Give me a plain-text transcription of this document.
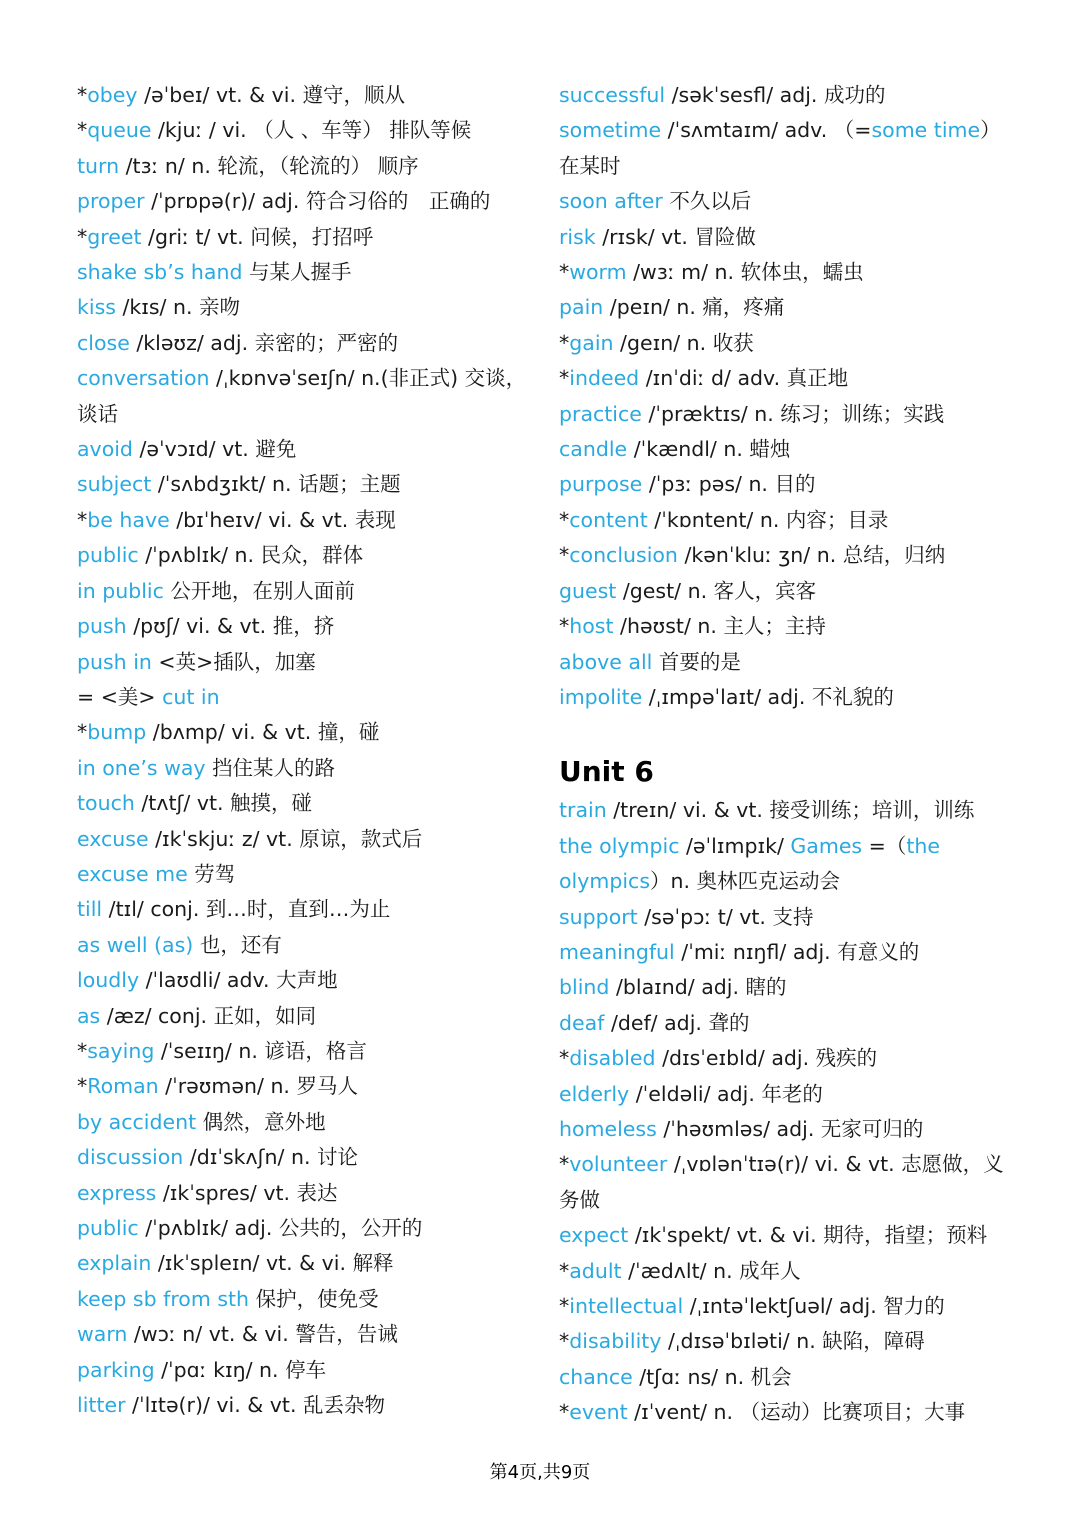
*obey /əˈbeɪ/ vt. & vi. 遵守，顺从

*queue /kjuː / vi. （人 、车等） 排队等候

turn /tɜː n/ n. 轮流，（轮流的） 顺序

proper /ˈprɒpə(r)/ adj. 符合习俗的　正确的

*greet /griː t/ vt. 问候，打招呼

shake sb’s hand 与某人握手

kiss /kɪs/ n. 亲吻

close /kləʊz/ adj. 亲密的；严密的

conversation /ˌkɒnvəˈseɪʃn/ n.(非正式) 交谈，谈话

avoid /əˈvɔɪd/ vt. 避免

subject /ˈsʌbdʒɪkt/ n. 话题；主题

*be have /bɪˈheɪv/ vi. & vt. 表现

public /ˈpʌblɪk/ n. 民众，群体

in public 公开地，在别人面前

push /pʊʃ/ vi. & vt. 推，挤

push in <英>插队，加塞

= <美> cut in

*bump /bʌmp/ vi. & vt. 撞，碰

in one’s way 挡住某人的路

touch /tʌtʃ/ vt. 触摸，碰

excuse /ɪkˈskjuː z/ vt. 原谅，款式后

excuse me 劳驾

till /tɪl/ conj. 到…时，直到…为止

as well (as) 也，还有

loudly /ˈlaʊdli/ adv. 大声地

as /æz/ conj. 正如，如同

*saying /ˈseɪɪŋ/ n. 谚语，格言

*Roman /ˈrəʊmən/ n. 罗马人

by accident 偶然，意外地

discussion /dɪˈskʌʃn/ n. 讨论

express /ɪkˈspres/ vt. 表达

public /ˈpʌblɪk/ adj. 公共的，公开的

explain /ɪkˈspleɪn/ vt. & vi. 解释

keep sb from sth 保护，使免受

warn /wɔː n/ vt. & vi. 警告，告诫

parking /ˈpɑː kɪŋ/ n. 停车

litter /ˈlɪtə(r)/ vi. & vt. 乱丢杂物

successful /səkˈsesfl/ adj. 成功的

sometime /ˈsʌmtaɪm/ adv. （=some time）在某时

soon after 不久以后

risk /rɪsk/ vt. 冒险做

*worm /wɜː m/ n. 软体虫，蠕虫

pain /peɪn/ n. 痛，疼痛

*gain /geɪn/ n. 收获

*indeed /ɪnˈdiː d/ adv. 真正地

practice /ˈpræktɪs/ n. 练习；训练；实践

candle /ˈkændl/ n. 蜡烛

purpose /ˈpɜː pəs/ n. 目的

*content /ˈkɒntent/ n. 内容；目录

*conclusion /kənˈkluː ʒn/ n. 总结，归纳

guest /gest/ n. 客人，宾客

*host /həʊst/ n. 主人；主持

above all 首要的是

impolite /ˌɪmpəˈlaɪt/ adj. 不礼貌的

Unit 6

train /treɪn/ vi. & vt. 接受训练；培训，训练

the olympic /əˈlɪmpɪk/ Games =（the olympics）n. 奥林匹克运动会

support /səˈpɔː t/ vt. 支持

meaningful /ˈmiː nɪŋfl/ adj. 有意义的

blind /blaɪnd/ adj. 瞎的

deaf /def/ adj. 聋的

*disabled /dɪsˈeɪbld/ adj. 残疾的

elderly /ˈeldəli/ adj. 年老的

homeless /ˈhəʊmləs/ adj. 无家可归的

*volunteer /ˌvɒlənˈtɪə(r)/ vi. & vt. 志愿做，义务做

expect /ɪkˈspekt/ vt. & vi. 期待，指望；预料

*adult /ˈædʌlt/ n. 成年人

*intellectual /ˌɪntəˈlektʃuəl/ adj. 智力的

*disability /ˌdɪsəˈbɪləti/ n. 缺陷，障碍

chance /tʃɑː ns/ n. 机会

*event /ɪˈvent/ n. （运动）比赛项目；大事

第4页,共9页
